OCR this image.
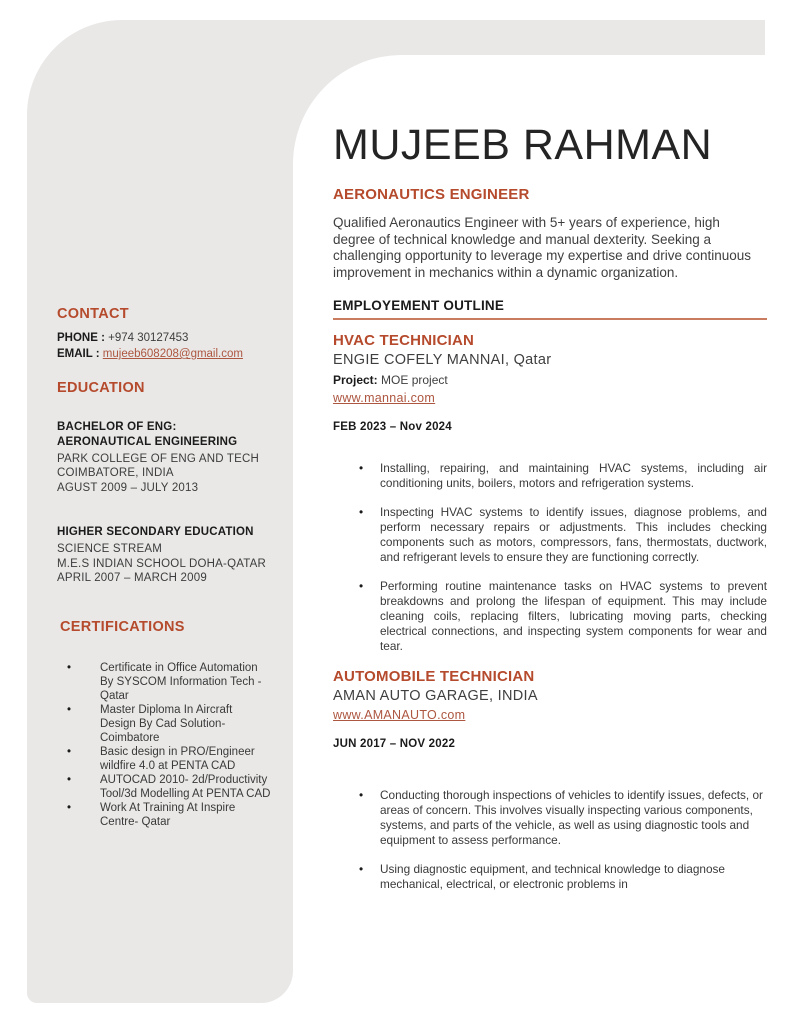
CONTACT

PHONE : +974 30127453

EMAIL : mujeeb608208@gmail.com

EDUCATION

BACHELOR OF ENG: AERONAUTICAL ENGINEERING

PARK COLLEGE OF ENG AND TECH
COIMBATORE, INDIA
AGUST 2009 – JULY 2013

HIGHER SECONDARY EDUCATION

SCIENCE STREAM
M.E.S INDIAN SCHOOL DOHA-QATAR
APRIL 2007 – MARCH 2009
CERTIFICATIONS
• Certificate in Office Automation By SYSCOM Information Tech -Qatar
• Master Diploma In Aircraft Design By Cad Solution- Coimbatore
• Basic design in PRO/Engineer wildfire 4.0 at PENTA CAD
• AUTOCAD 2010- 2d/Productivity Tool/3d Modelling At PENTA CAD
• Work At Training At Inspire Centre- Qatar
MUJEEB RAHMAN
AERONAUTICS ENGINEER

Qualified Aeronautics Engineer with 5+ years of experience, high degree of technical knowledge and manual dexterity. Seeking a challenging opportunity to leverage my expertise and drive continuous improvement in mechanics within a dynamic organization.

EMPLOYEMENT OUTLINE
HVAC TECHNICIAN

ENGIE COFELY MANNAI, Qatar

Project: MOE project

www.mannai.com

FEB 2023 – Nov 2024

• Installing, repairing, and maintaining HVAC systems, including air conditioning units, boilers, motors and refrigeration systems.
• Inspecting HVAC systems to identify issues, diagnose problems, and perform necessary repairs or adjustments. This includes checking components such as motors, compressors, fans, thermostats, ductwork, and refrigerant levels to ensure they are functioning correctly.
• Performing routine maintenance tasks on HVAC systems to prevent breakdowns and prolong the lifespan of equipment. This may include cleaning coils, replacing filters, lubricating moving parts, checking electrical connections, and inspecting system components for wear and tear.
AUTOMOBILE TECHNICIAN

AMAN AUTO GARAGE, INDIA

www.AMANAUTO.com

JUN 2017 – NOV 2022

• Conducting thorough inspections of vehicles to identify issues, defects, or areas of concern. This involves visually inspecting various components, systems, and parts of the vehicle, as well as using diagnostic tools and equipment to assess performance.
• Using diagnostic equipment, and technical knowledge to diagnose mechanical, electrical, or electronic problems in
